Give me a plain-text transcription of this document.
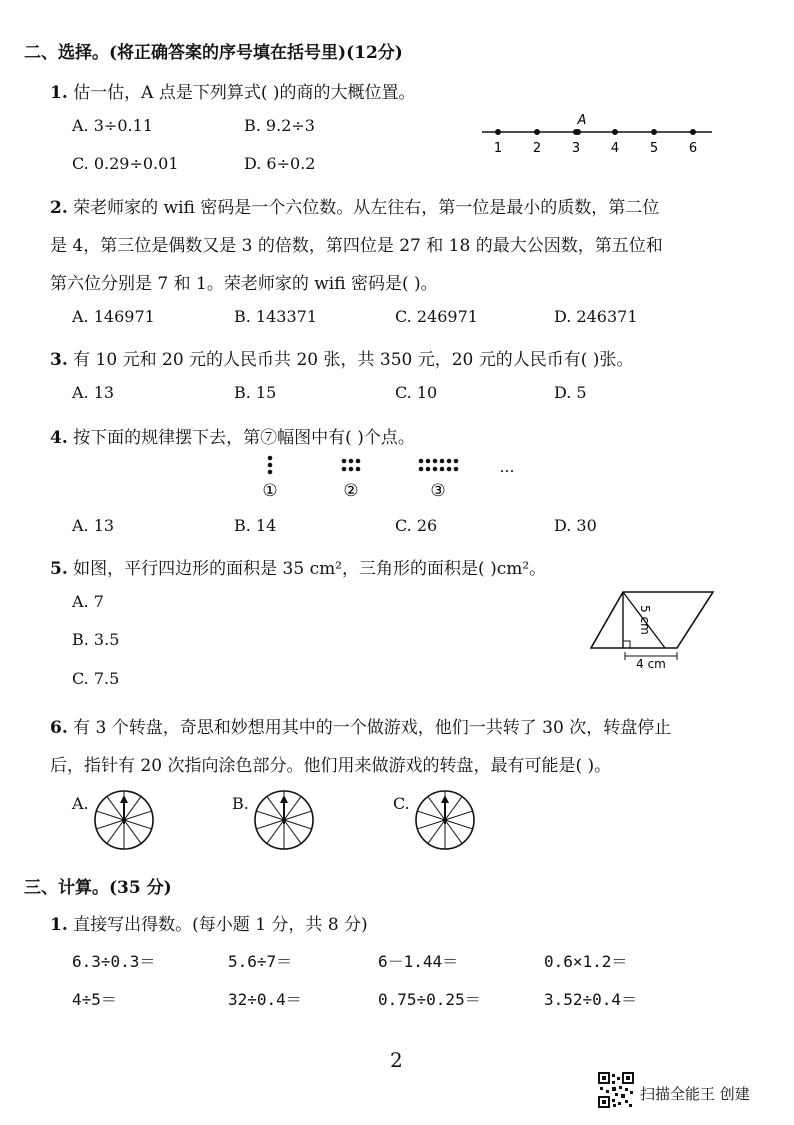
二、选择。(将正确答案的序号填在括号里)(12分)
1. 估一估，A 点是下列算式( )的商的大概位置。
A. 3÷0.11	B. 9.2÷3
C. 0.29÷0.01	D. 6÷0.2
1 2 3 4 5 6
A
2. 荣老师家的 wifi 密码是一个六位数。从左往右，第一位是最小的质数，第二位
是 4，第三位是偶数又是 3 的倍数，第四位是 27 和 18 的最大公因数，第五位和
第六位分别是 7 和 1。荣老师家的 wifi 密码是( )。
A. 146971	B. 143371	C. 246971	D. 246371
3. 有 10 元和 20 元的人民币共 20 张，共 350 元，20 元的人民币有( )张。
A. 13	B. 15	C. 10	D. 5
4. 按下面的规律摆下去，第⑦幅图中有( )个点。
①	②	③
…
A. 13	B. 14	C. 26	D. 30
5. 如图，平行四边形的面积是 35 cm²，三角形的面积是( )cm²。
A. 7
B. 3.5
C. 7.5
5 cm
4 cm
6. 有 3 个转盘，奇思和妙想用其中的一个做游戏，他们一共转了 30 次，转盘停止
后，指针有 20 次指向涂色部分。他们用来做游戏的转盘，最有可能是( )。
A.	B.	C.
三、计算。(35 分)
1. 直接写出得数。(每小题 1 分，共 8 分)
6.3÷0.3＝	5.6÷7＝	6－1.44＝	0.6×1.2＝
4÷5＝	32÷0.4＝	0.75÷0.25＝	3.52÷0.4＝
2
扫描全能王 创建
